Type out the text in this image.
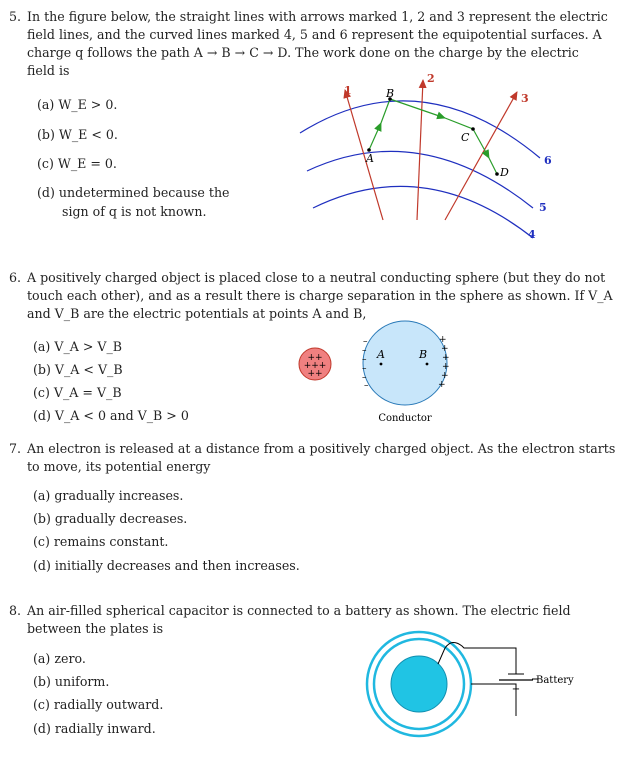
5. In the figure below, the straight lines with arrows marked 1, 2 and 3 represent the electric
field lines, and the curved lines marked 4, 5 and 6 represent the equipotential surfaces. A
charge q follows the path A → B → C → D. The work done on the charge by the electric
field is
(a) W_E > 0.
(b) W_E < 0.
(c) W_E = 0.
(d) undetermined because the
sign of q is not known.
A
B
C
D
1
2
3
4
5
6
6. A positively charged object is placed close to a neutral conducting sphere (but they do not
touch each other), and as a result there is charge separation in the sphere as shown. If V_A
and V_B are the electric potentials at points A and B,
(a) V_A > V_B
(b) V_A < V_B
(c) V_A = V_B
(d) V_A < 0 and V_B > 0
+++
++
++
–
–
–
–
–
–
+
+
+
+
+
+
A	B
Conductor
7. An electron is released at a distance from a positively charged object. As the electron starts
to move, its potential energy
(a) gradually increases.
(b) gradually decreases.
(c) remains constant.
(d) initially decreases and then increases.
8. An air-filled spherical capacitor is connected to a battery as shown. The electric field
between the plates is
(a) zero.
(b) uniform.
(c) radially outward.
(d) radially inward.
+
Battery
